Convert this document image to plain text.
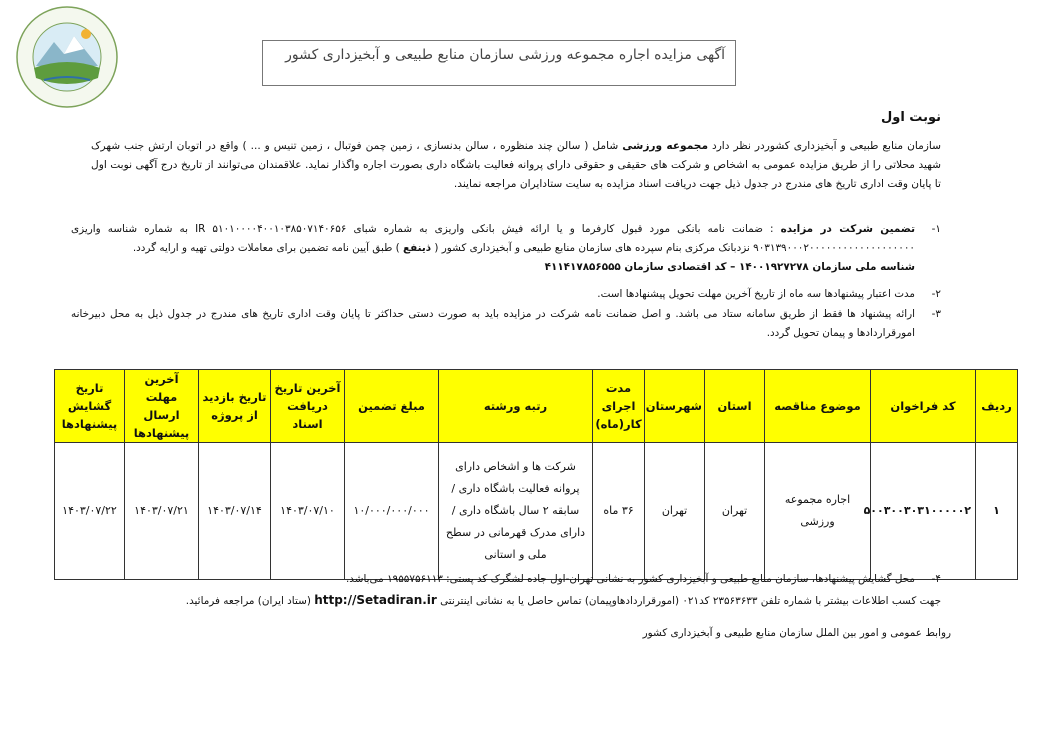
آگهی مزایده اجاره مجموعه ورزشی سازمان منابع طبیعی و آبخیزداری کشور
نوبت اول
سازمان منابع طبیعی و آبخیزداری کشوردر نظر دارد مجموعه ورزشی شامل ( سالن چند منظوره ، سالن بدنسازی ، زمین چمن فوتبال ، زمین تنیس و ... ) واقع در اتوبان ارتش جنب شهرک شهید محلاتی را از طریق مزایده عمومی به اشخاص و شرکت های حقیقی و حقوقی دارای پروانه فعالیت باشگاه داری بصورت اجاره واگذار نماید. علاقمندان می‌توانند از تاریخ درج آگهی نوبت اول تا پایان وقت اداری تاریخ های مندرج در جدول ذیل جهت دریافت اسناد مزایده به سایت ستادایران مراجعه نمایند.
۱-
تضمین شرکت در مزایده : ضمانت نامه بانکی مورد قبول کارفرما و یا ارائه فیش بانکی واریزی به شماره شبای IR ۵۱۰۱۰۰۰۰۴۰۰۱۰۳۸۵۰۷۱۴۰۶۵۶ به شماره شناسه واریزی ۹۰۳۱۳۹۰۰۰۲۰۰۰۰۰۰۰۰۰۰۰۰۰۰۰۰۰۰۰ نزدبانک مرکزی بنام سپرده های سازمان منابع طبیعی و آبخیزداری کشور ( ذینفع ) طبق آیین نامه تضمین برای معاملات دولتی تهیه و ارایه گردد.
شناسه ملی سازمان ۱۴۰۰۱۹۲۷۲۷۸ – کد اقتصادی سازمان ۴۱۱۴۱۷۸۵۶۵۵۵
۲-
مدت اعتبار پیشنهادها سه ماه از تاریخ آخرین مهلت تحویل پیشنهادها است.
۳-
ارائه پیشنهاد ها فقط از طریق سامانه ستاد می باشد. و اصل ضمانت نامه شرکت در مزایده باید به صورت دستی حداکثر تا پایان وقت اداری تاریخ های مندرج در جدول ذیل به محل دبیرخانه امورقراردادها و پیمان تحویل گردد.
ردیف	کد فراخوان	موضوع مناقصه	استان	شهرستان	مدت اجرای کار(ماه)	رتبه ورشته	مبلغ تضمین	آخرین تاریخ دریافت اسناد	تاریخ بازدید از پروژه	آخرین مهلت ارسال پیشنهادها	تاریخ گشایش پیشنهادها
۱	۵۰۰۳۰۰۳۰۳۱۰۰۰۰۰۲	اجاره مجموعه ورزشی	تهران	تهران	۳۶ ماه	شرکت ها و اشخاص دارای پروانه فعالیت باشگاه داری / سابقه ۲ سال باشگاه داری / دارای مدرک قهرمانی در سطح ملی و استانی	۱۰/۰۰۰/۰۰۰/۰۰۰	۱۴۰۳/۰۷/۱۰	۱۴۰۳/۰۷/۱۴	۱۴۰۳/۰۷/۲۱	۱۴۰۳/۰۷/۲۲
۴-
محل گشایش پیشنهادها، سازمان منابع طبیعی و آبخیزداری کشور به نشانی تهران-اول جاده لشگرک کد پستی: ۱۹۵۵۷۵۶۱۱۳ می‌باشد.
جهت کسب اطلاعات بیشتر با شماره تلفن ۲۳۵۶۳۶۳۳ کد۰۲۱ (امورقراردادها‌و‌پیمان) تماس حاصل یا به نشانی اینترنتی http://Setadiran.ir (ستاد ایران) مراجعه فرمائید.
روابط عمومی و امور بین الملل سازمان منابع طبیعی و آبخیزداری کشور
